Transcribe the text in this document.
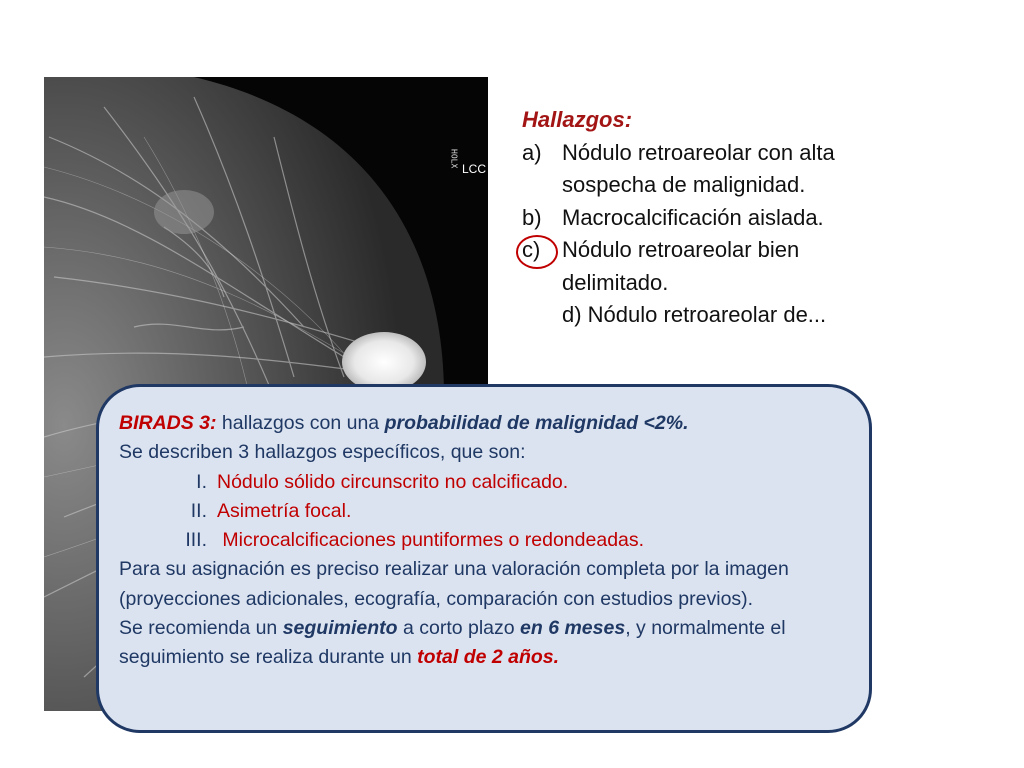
HOLX
LCC
Hallazgos:
a) Nódulo retroareolar con alta sospecha de malignidad.
b) Macrocalcificación aislada.
c) Nódulo retroareolar bien delimitado.
d) Nódulo retroareolar de...

BIRADS 3: hallazgos con una probabilidad de malignidad <2%.

Se describen 3 hallazgos específicos, que son:

I. Nódulo sólido circunscrito no calcificado.
II. Asimetría focal.
III. Microcalcificaciones puntiformes o redondeadas.

Para su asignación es preciso realizar una valoración completa por la imagen (proyecciones adicionales, ecografía, comparación con estudios previos).

Se recomienda un seguimiento a corto plazo en 6 meses, y normalmente el seguimiento se realiza durante un total de 2 años.
